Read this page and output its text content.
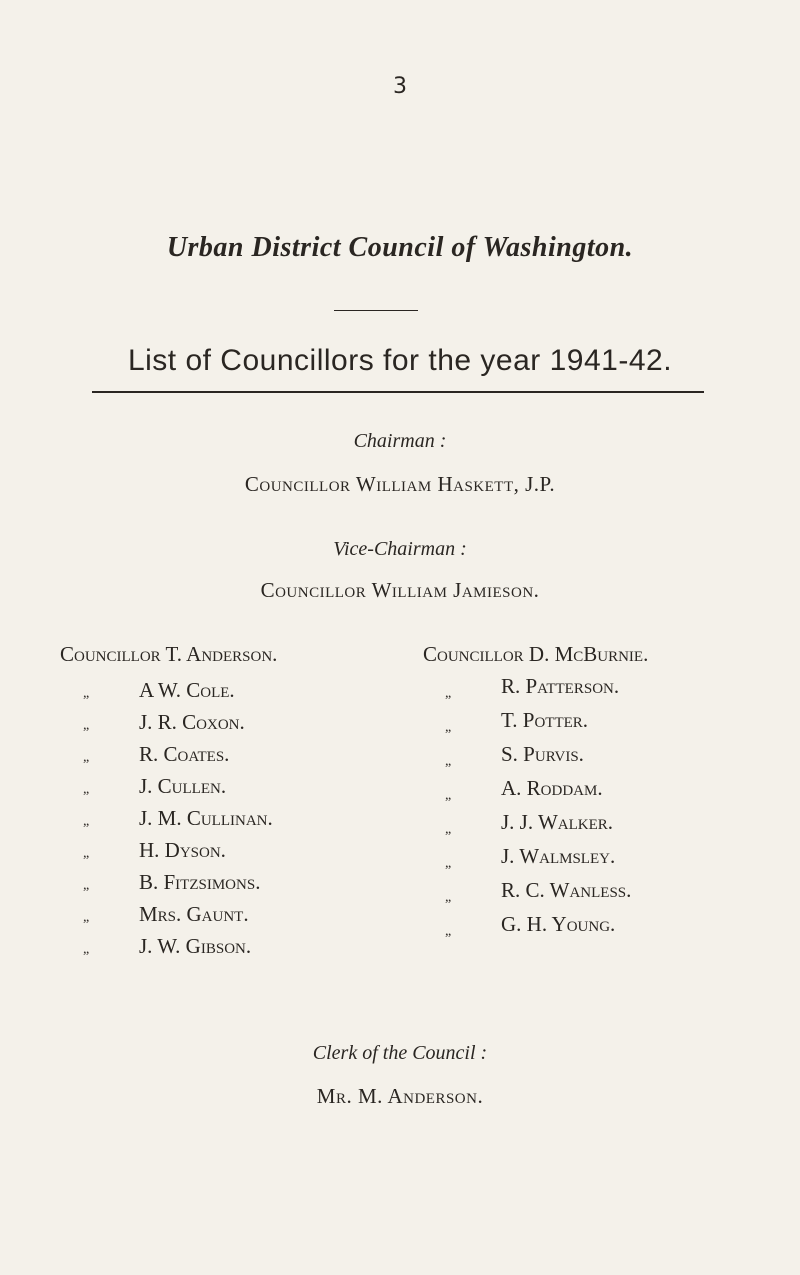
3
Urban District Council of Washington.
List of Councillors for the year 1941-42.
Chairman :
Councillor William Haskett, J.P.
Vice-Chairman :
Councillor William Jamieson.
Councillor T. Anderson.
„ A W. Cole.
„ J. R. Coxon.
„ R. Coates.
„ J. Cullen.
„ J. M. Cullinan.
„ H. Dyson.
„ B. Fitzsimons.
„ Mrs. Gaunt.
„ J. W. Gibson.
Councillor D. McBurnie.
„ R. Patterson.
„ T. Potter.
„ S. Purvis.
„ A. Roddam.
„ J. J. Walker.
„ J. Walmsley.
„ R. C. Wanless.
„ G. H. Young.
Clerk of the Council :
Mr. M. Anderson.
